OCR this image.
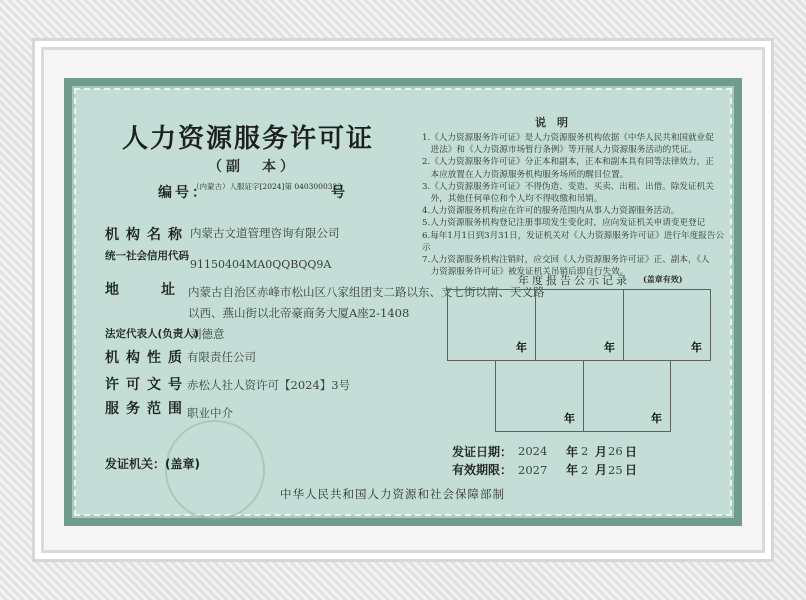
人力资源服务许可证
（副　本）
编号：
（内蒙古）人服证字[2024]第 0403000323
号
机构名称 内蒙古文道管理咨询有限公司
统一社会信用代码
91150404MA0QQBQQ9A
地　址 内蒙古自治区赤峰市松山区八家组团支二路以东、支七街以南、天义路
以西、燕山街以北帝豪商务大厦A座2-1408
法定代表人(负责人)
刘德意
机构性质
有限责任公司
许可文号
赤松人社人资许可【2024】3号
服务范围
职业中介
发证机关：(盖章)
发证日期： 2024 年 2 月 26 日
有效期限： 2027 年 2 月 25 日
中华人民共和国人力资源和社会保障部制
说　明
1.《人力资源服务许可证》是人力资源服务机构依据《中华人民共和国就业促
　进法》和《人力资源市场暂行条例》等开展人力资源服务活动的凭证。
2.《人力资源服务许可证》分正本和副本，正本和副本具有同等法律效力，正
　本应放置在人力资源服务机构服务场所的醒目位置。
3.《人力资源服务许可证》不得伪造、变造、买卖、出租、出借。除发证机关
　外，其他任何单位和个人均不得收缴和吊销。
4.人力资源服务机构应在许可的服务范围内从事人力资源服务活动。
5.人力资源服务机构登记注册事项发生变化时，应向发证机关申请变更登记
6.每年1月1日到3月31日，发证机关对《人力资源服务许可证》进行年度报告公示
7.人力资源服务机构注销时，应交回《人力资源服务许可证》正、副本，《人
　力资源服务许可证》被发证机关吊销后即自行失效。
年度报告公示记录 (盖章有效)
年	年	年
年	年
